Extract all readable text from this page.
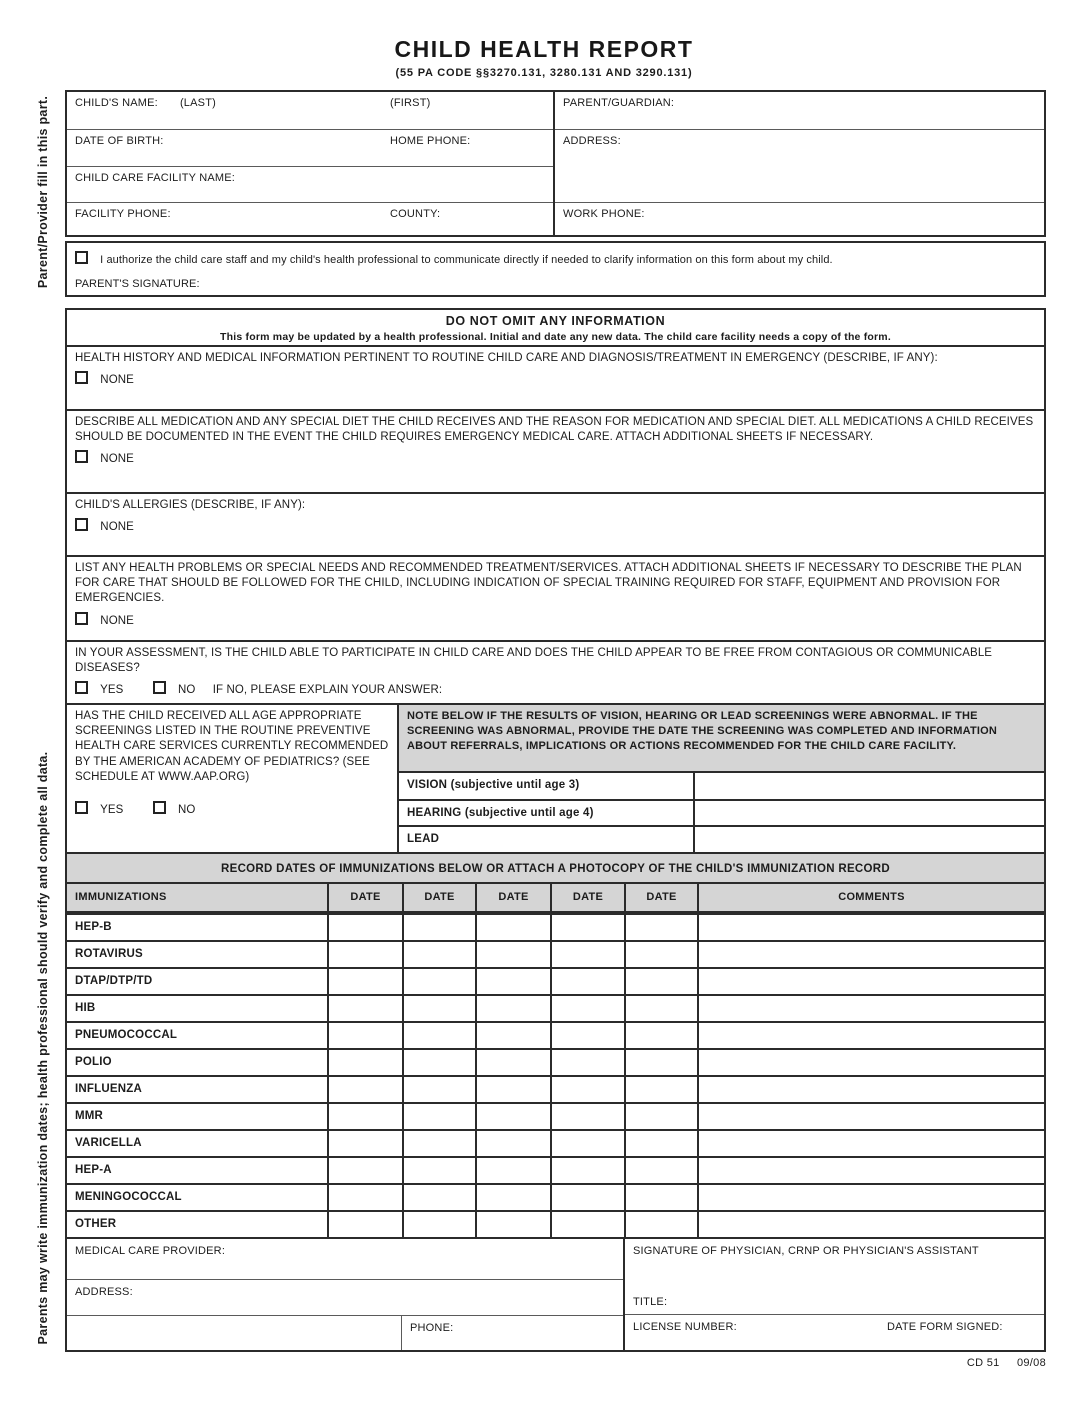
CHILD HEALTH REPORT
(55 PA CODE §§3270.131, 3280.131 AND 3290.131)
Parent/Provider fill in this part.
Parents may write immunization dates; health professional should verify and complete all data.
CHILD'S NAME: (LAST)	(FIRST)
DATE OF BIRTH:	HOME PHONE:
CHILD CARE FACILITY NAME:
FACILITY PHONE:	COUNTY:
PARENT/GUARDIAN:
ADDRESS:
WORK PHONE:
I authorize the child care staff and my child's health professional to communicate directly if needed to clarify information on this form about my child.
PARENT'S SIGNATURE:
DO NOT OMIT ANY INFORMATION
This form may be updated by a health professional. Initial and date any new data. The child care facility needs a copy of the form.
HEALTH HISTORY AND MEDICAL INFORMATION PERTINENT TO ROUTINE CHILD CARE AND DIAGNOSIS/TREATMENT IN EMERGENCY (DESCRIBE, IF ANY):
NONE
DESCRIBE ALL MEDICATION AND ANY SPECIAL DIET THE CHILD RECEIVES AND THE REASON FOR MEDICATION AND SPECIAL DIET. ALL MEDICATIONS A CHILD RECEIVES SHOULD BE DOCUMENTED IN THE EVENT THE CHILD REQUIRES EMERGENCY MEDICAL CARE. ATTACH ADDITIONAL SHEETS IF NECESSARY.
NONE
CHILD'S ALLERGIES (DESCRIBE, IF ANY):
NONE
LIST ANY HEALTH PROBLEMS OR SPECIAL NEEDS AND RECOMMENDED TREATMENT/SERVICES. ATTACH ADDITIONAL SHEETS IF NECESSARY TO DESCRIBE THE PLAN FOR CARE THAT SHOULD BE FOLLOWED FOR THE CHILD, INCLUDING INDICATION OF SPECIAL TRAINING REQUIRED FOR STAFF, EQUIPMENT AND PROVISION FOR EMERGENCIES.
NONE
IN YOUR ASSESSMENT, IS THE CHILD ABLE TO PARTICIPATE IN CHILD CARE AND DOES THE CHILD APPEAR TO BE FREE FROM CONTAGIOUS OR COMMUNICABLE DISEASES?
YES	NO IF NO, PLEASE EXPLAIN YOUR ANSWER:
HAS THE CHILD RECEIVED ALL AGE APPROPRIATE SCREENINGS LISTED IN THE ROUTINE PREVENTIVE HEALTH CARE SERVICES CURRENTLY RECOMMENDED BY THE AMERICAN ACADEMY OF PEDIATRICS? (SEE SCHEDULE AT WWW.AAP.ORG)
YES	NO
NOTE BELOW IF THE RESULTS OF VISION, HEARING OR LEAD SCREENINGS WERE ABNORMAL. IF THE SCREENING WAS ABNORMAL, PROVIDE THE DATE THE SCREENING WAS COMPLETED AND INFORMATION ABOUT REFERRALS, IMPLICATIONS OR ACTIONS RECOMMENDED FOR THE CHILD CARE FACILITY.
VISION (subjective until age 3)
HEARING (subjective until age 4)
LEAD
RECORD DATES OF IMMUNIZATIONS BELOW OR ATTACH A PHOTOCOPY OF THE CHILD'S IMMUNIZATION RECORD
IMMUNIZATIONS	DATE	DATE	DATE	DATE	DATE	COMMENTS
HEP-B
ROTAVIRUS
DTAP/DTP/TD
HIB
PNEUMOCOCCAL
POLIO
INFLUENZA
MMR
VARICELLA
HEP-A
MENINGOCOCCAL
OTHER
MEDICAL CARE PROVIDER:
ADDRESS:
PHONE:
SIGNATURE OF PHYSICIAN, CRNP OR PHYSICIAN'S ASSISTANT
TITLE:
LICENSE NUMBER:	DATE FORM SIGNED:
CD 51 09/08
